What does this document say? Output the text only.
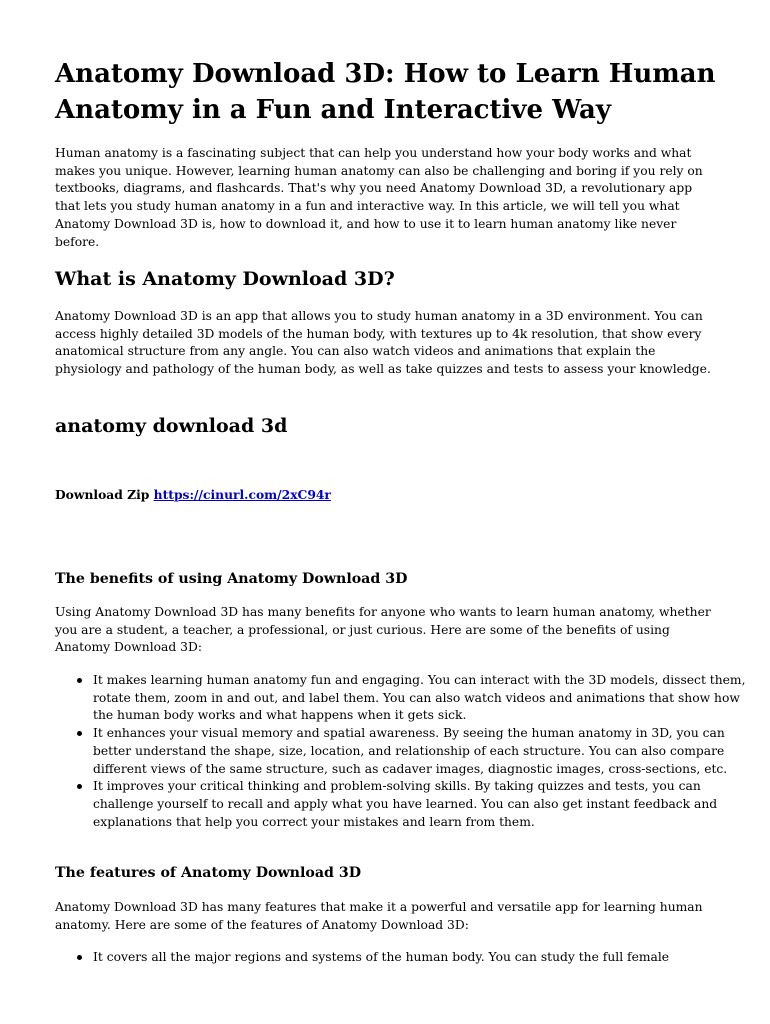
Anatomy Download 3D: How to Learn Human Anatomy in a Fun and Interactive Way

Human anatomy is a fascinating subject that can help you understand how your body works and what makes you unique. However, learning human anatomy can also be challenging and boring if you rely on textbooks, diagrams, and flashcards. That's why you need Anatomy Download 3D, a revolutionary app that lets you study human anatomy in a fun and interactive way. In this article, we will tell you what Anatomy Download 3D is, how to download it, and how to use it to learn human anatomy like never before.

What is Anatomy Download 3D?

Anatomy Download 3D is an app that allows you to study human anatomy in a 3D environment. You can access highly detailed 3D models of the human body, with textures up to 4k resolution, that show every anatomical structure from any angle. You can also watch videos and animations that explain the physiology and pathology of the human body, as well as take quizzes and tests to assess your knowledge.

anatomy download 3d

Download Zip https://cinurl.com/2xC94r

The benefits of using Anatomy Download 3D

Using Anatomy Download 3D has many benefits for anyone who wants to learn human anatomy, whether you are a student, a teacher, a professional, or just curious. Here are some of the benefits of using Anatomy Download 3D:

It makes learning human anatomy fun and engaging. You can interact with the 3D models, dissect them, rotate them, zoom in and out, and label them. You can also watch videos and animations that show how the human body works and what happens when it gets sick.
It enhances your visual memory and spatial awareness. By seeing the human anatomy in 3D, you can better understand the shape, size, location, and relationship of each structure. You can also compare different views of the same structure, such as cadaver images, diagnostic images, cross-sections, etc.
It improves your critical thinking and problem-solving skills. By taking quizzes and tests, you can challenge yourself to recall and apply what you have learned. You can also get instant feedback and explanations that help you correct your mistakes and learn from them.
The features of Anatomy Download 3D

Anatomy Download 3D has many features that make it a powerful and versatile app for learning human anatomy. Here are some of the features of Anatomy Download 3D:

It covers all the major regions and systems of the human body. You can study the full female
